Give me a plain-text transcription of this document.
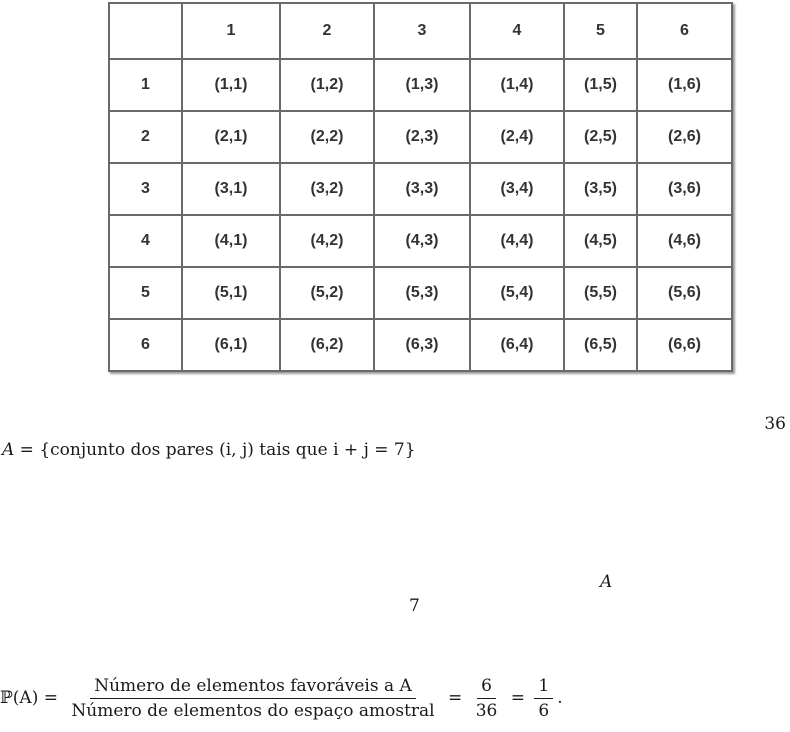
	1	2	3	4	5	6
1	(1,1)	(1,2)	(1,3)	(1,4)	(1,5)	(1,6)
2	(2,1)	(2,2)	(2,3)	(2,4)	(2,5)	(2,6)
3	(3,1)	(3,2)	(3,3)	(3,4)	(3,5)	(3,6)
4	(4,1)	(4,2)	(4,3)	(4,4)	(4,5)	(4,6)
5	(5,1)	(5,2)	(5,3)	(5,4)	(5,5)	(5,6)
6	(6,1)	(6,2)	(6,3)	(6,4)	(6,5)	(6,6)
36
A = {conjunto dos pares (i, j) tais que i + j = 7}
A
7
ℙ(A) = $\frac{\text{Número de elementos favoráveis a A}}{\text{Número de elementos do espaço amostral}} = \frac{6}{36} = \frac{1}{6}$ .
